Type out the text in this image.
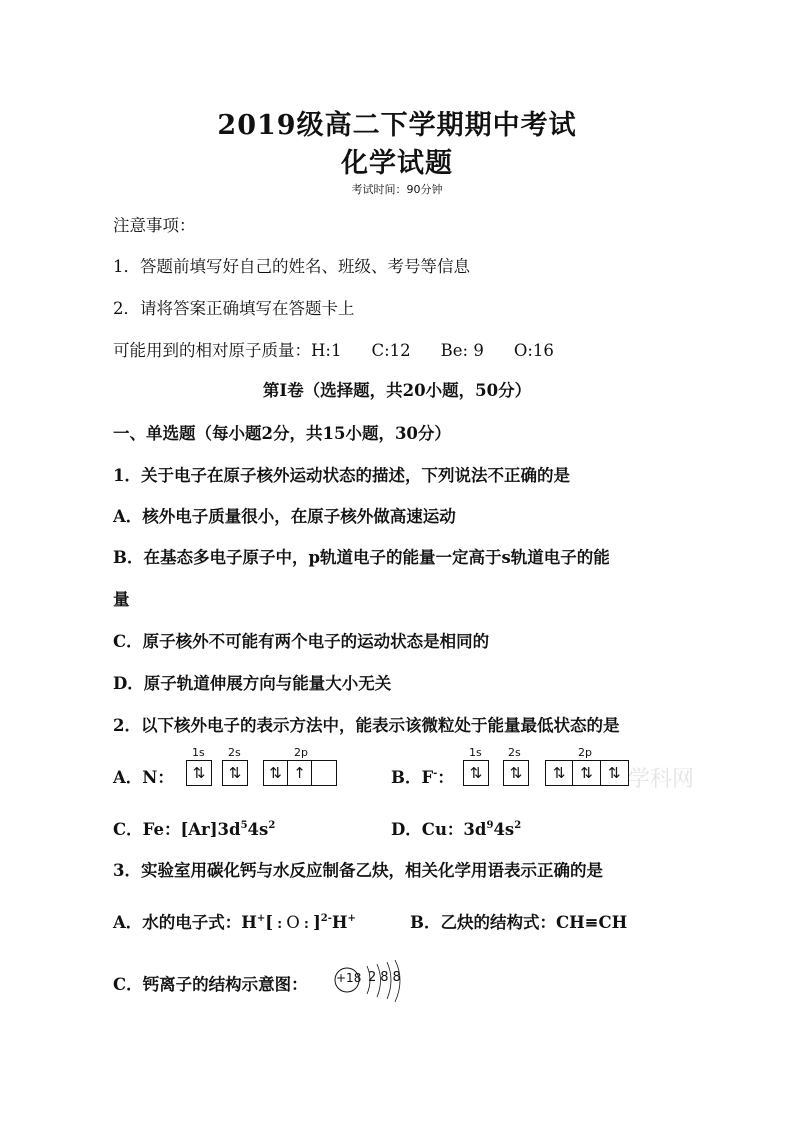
2019级高二下学期期中考试
化学试题
考试时间：90分钟
注意事项：
1．答题前填写好自己的姓名、班级、考号等信息
2．请将答案正确填写在答题卡上
可能用到的相对原子质量：H:1 C:12 Be: 9 O:16
第Ⅰ卷（选择题，共20小题，50分）
一、单选题（每小题2分，共15小题，30分）
1．关于电子在原子核外运动状态的描述，下列说法不正确的是
A．核外电子质量很小，在原子核外做高速运动
B．在基态多电子原子中，p轨道电子的能量一定高于s轨道电子的能
量
C．原子核外不可能有两个电子的运动状态是相同的
D．原子轨道伸展方向与能量大小无关
2．以下核外电子的表示方法中，能表示该微粒处于能量最低状态的是
A．N：
1s 2s	2p
⇅	⇅	⇅ ↑	B．F-：
1s 2s	2p
⇅	⇅	⇅ ⇅	⇅ 学科网
C．Fe：$[Ar]3d^54s^2$	D．Cu：$3d^94s^2$
3．实验室用碳化钙与水反应制备乙炔，相关化学用语表示正确的是
A．水的电子式：H+[ : O : ]$^{2-}$H+	B．乙炔的结构式：CH≡CH
C．钙离子的结构示意图： +18 288
